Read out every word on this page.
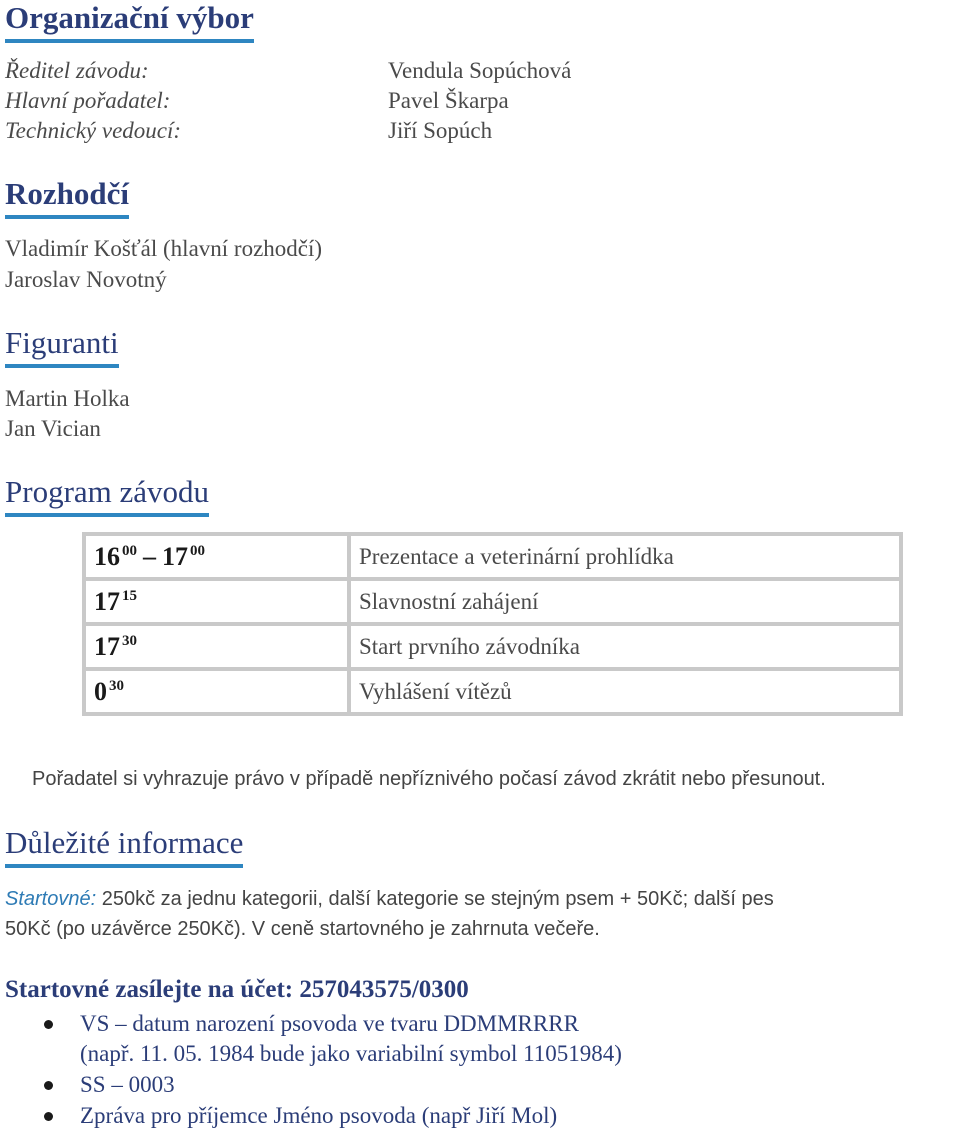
Organizační výbor
Ředitel závodu:	Vendula Sopúchová
Hlavní pořadatel:	Pavel Škarpa
Technický vedoucí:	Jiří Sopúch
Rozhodčí
Vladimír Košťál (hlavní rozhodčí)
Jaroslav Novotný
Figuranti
Martin Holka
Jan Vician
Program závodu
16 $^{00}$ – 17 $^{00}$	Prezentace a veterinární prohlídka
17 $^{15}$	Slavnostní zahájení
17 $^{30}$	Start prvního závodníka
0 $^{30}$	Vyhlášení vítězů
Pořadatel si vyhrazuje právo v případě nepříznivého počasí závod zkrátit nebo přesunout.
Důležité informace
Startovné: 250kč za jednu kategorii, další kategorie se stejným psem + 50Kč; další pes
50Kč (po uzávěrce 250Kč). V ceně startovného je zahrnuta večeře.
Startovné zasílejte na účet: 257043575/0300
VS – datum narození psovoda ve tvaru DDMMRRRR
(např. 11. 05. 1984 bude jako variabilní symbol 11051984)
SS – 0003
Zpráva pro příjemce Jméno psovoda (např Jiří Mol)
